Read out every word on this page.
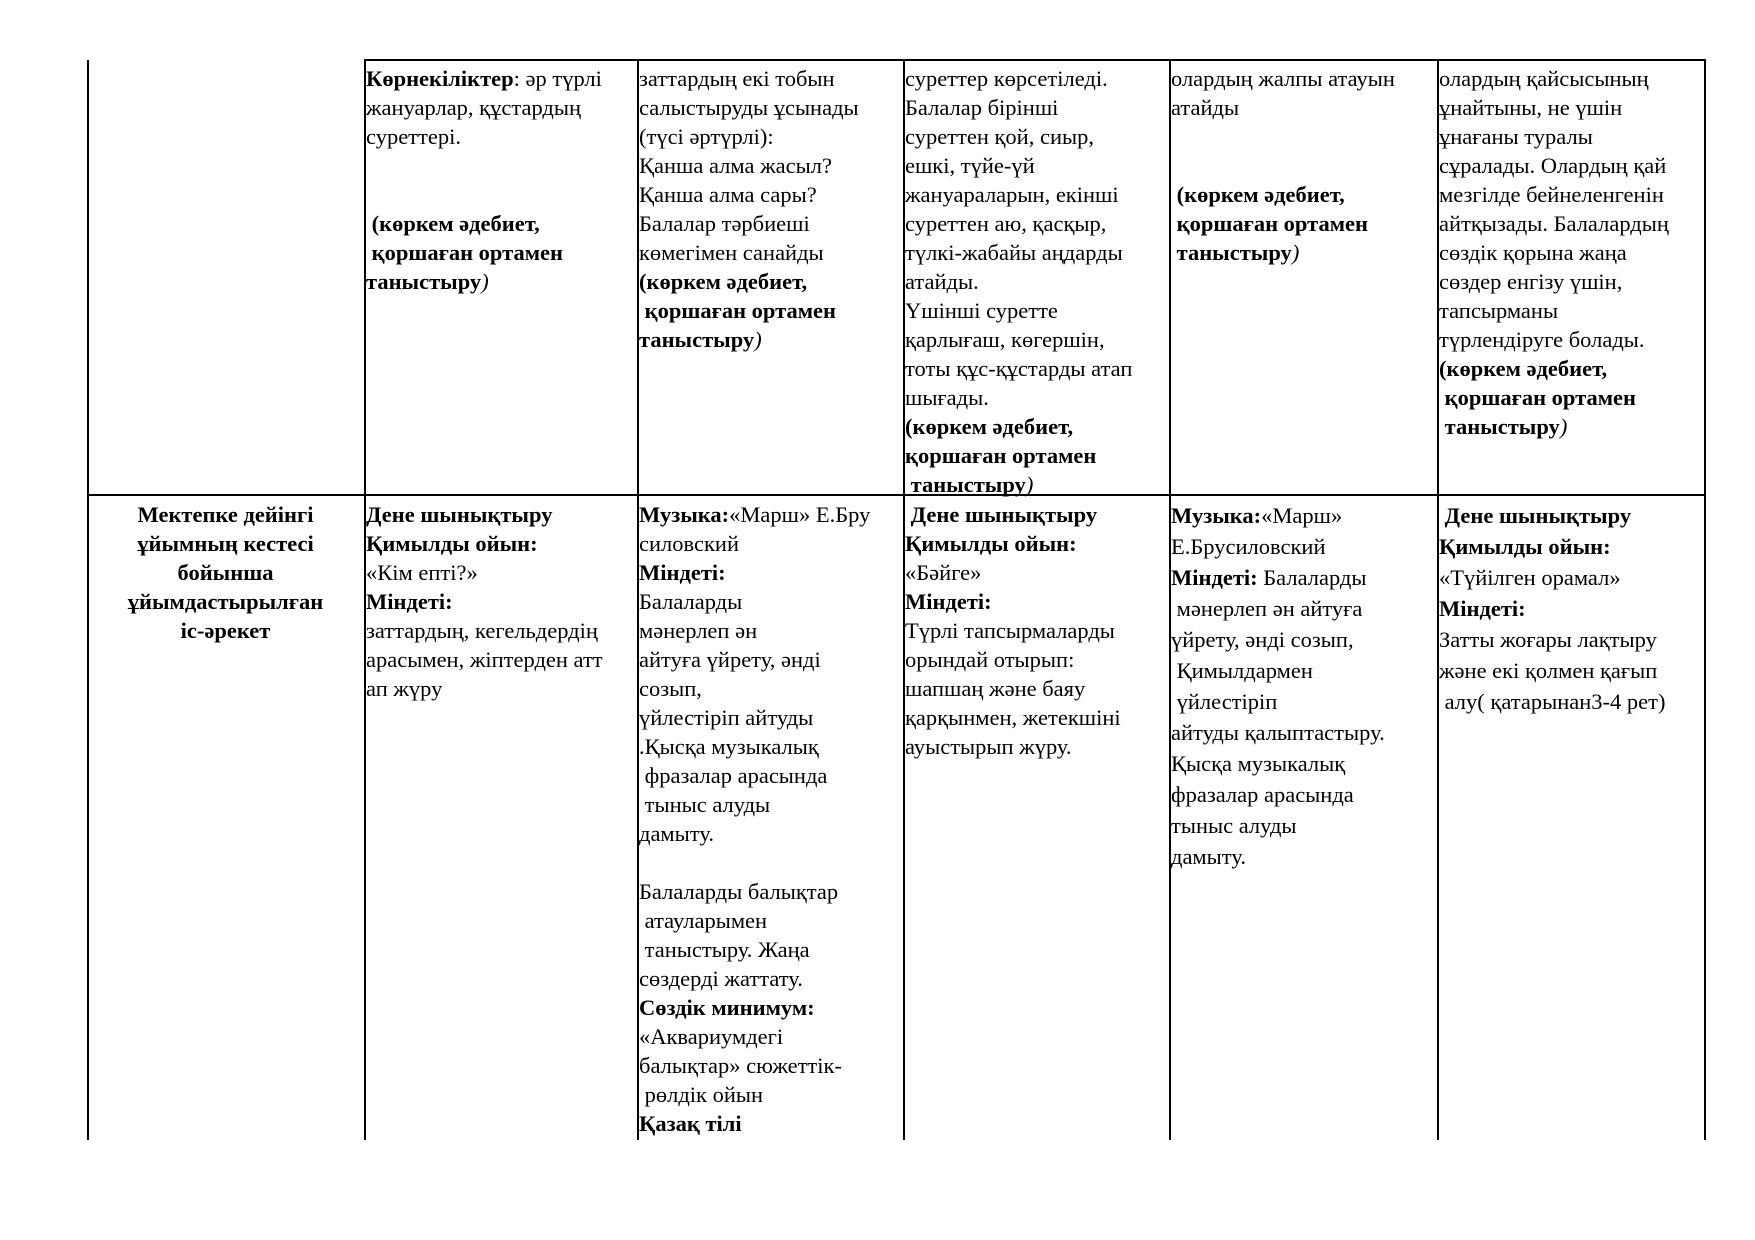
Көрнекіліктер: әр түрлі
жануарлар, құстардың
суреттері.

(көркем әдебиет,
қоршаған ортамен
таныстыру)
заттардың екі тобын
салыстыруды ұсынады
(түсі әртүрлі):
Қанша алма жасыл?
Қанша алма сары?
Балалар тәрбиеші
көмегімен санайды
(көркем әдебиет,
қоршаған ортамен
таныстыру)
суреттер көрсетіледі.
Балалар бірінші
суреттен қой, сиыр,
ешкі, түйе-үй
жануараларын, екінші
суреттен аю, қасқыр,
түлкі-жабайы аңдарды
атайды.
Үшінші суретте
қарлығаш, көгершін,
тоты құс-құстарды атап
шығады.
(көркем әдебиет,
қоршаған ортамен
таныстыру)
олардың жалпы атауын
атайды

(көркем әдебиет,
қоршаған ортамен
таныстыру)
олардың қайсысының
ұнайтыны, не үшін
ұнағаны туралы
сұралады. Олардың қай
мезгілде бейнеленгенін
айтқызады. Балалардың
сөздік қорына жаңа
сөздер енгізу үшін,
тапсырманы
түрлендіруге болады.
(көркем әдебиет,
қоршаған ортамен
таныстыру)
Мектепке дейінгі
ұйымның кестесі
бойынша
ұйымдастырылған
іс-әрекет
Дене шынықтыру
Қимылды ойын:
«Кім епті?»
Міндеті:
заттардың, кегельдердің
арасымен, жіптерден атт
ап жүру
Музыка:«Марш» Е.Бру
силовский
Міндеті:
Балаларды
мәнерлеп ән
айтуға үйрету, әнді
созып,
үйлестіріп айтуды
.Қысқа музыкалық
фразалар арасында
тыныс алуды
дамыту.

Балаларды балықтар
атауларымен
таныстыру. Жаңа
сөздерді жаттату.
Сөздік минимум:
«Аквариумдегі
балықтар» сюжеттік-
рөлдік ойын
Қазақ тілі
Дене шынықтыру
Қимылды ойын:
«Бәйге»
Міндеті:
Түрлі тапсырмаларды
орындай отырып:
шапшаң және баяу
қарқынмен, жетекшіні
ауыстырып жүру.
Музыка:«Марш»
Е.Брусиловский
Міндеті: Балаларды
мәнерлеп ән айтуға
үйрету, әнді созып,
Қимылдармен
үйлестіріп
айтуды қалыптастыру.
Қысқа музыкалық
фразалар арасында
тыныс алуды
дамыту.
Дене шынықтыру
Қимылды ойын:
«Түйілген орамал»
Міндеті:
Затты жоғары лақтыру
және екі қолмен қағып
алу( қатарынан3-4 рет)
